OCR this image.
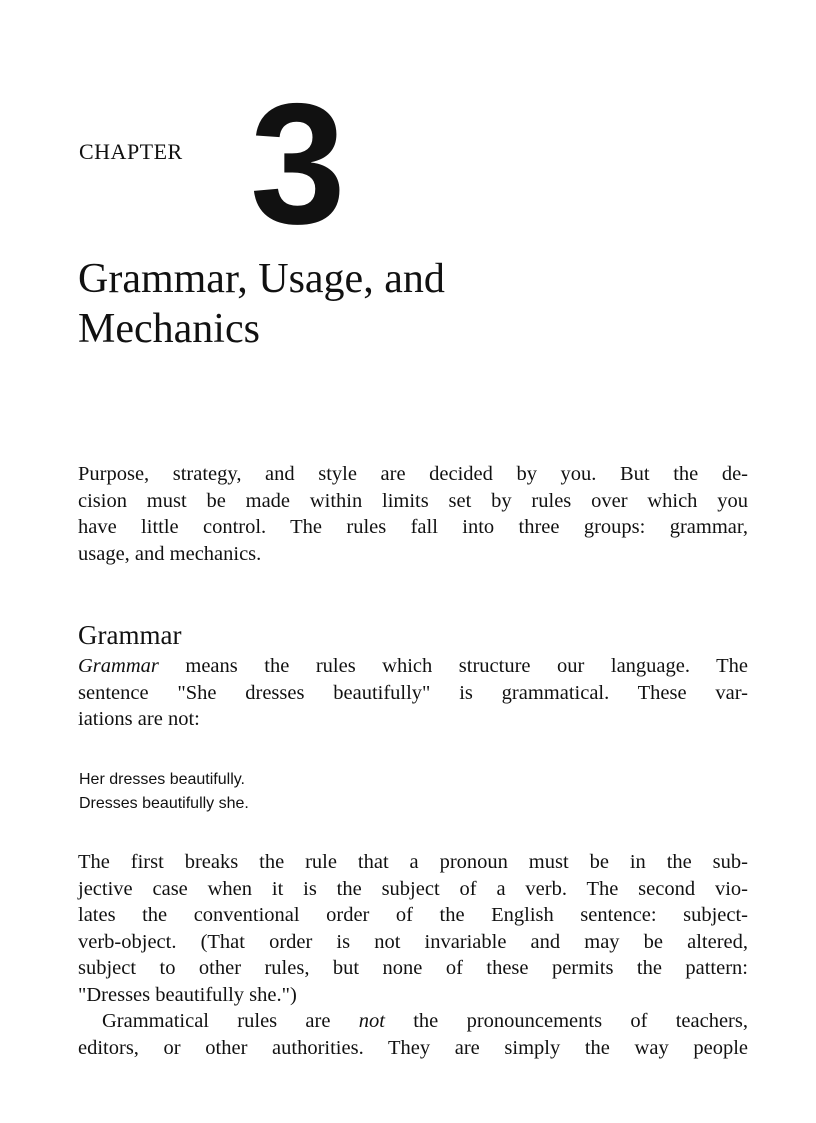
CHAPTER 3
Grammar, Usage, and
Mechanics

Purpose, strategy, and style are decided by you. But the de-
cision must be made within limits set by rules over which you
have little control. The rules fall into three groups: grammar,
usage, and mechanics.

Grammar

Grammar means the rules which structure our language. The
sentence "She dresses beautifully" is grammatical. These var-
iations are not:

Her dresses beautifully.
Dresses beautifully she.

The first breaks the rule that a pronoun must be in the sub-
jective case when it is the subject of a verb. The second vio-
lates the conventional order of the English sentence: subject-
verb-object. (That order is not invariable and may be altered,
subject to other rules, but none of these permits the pattern:
"Dresses beautifully she.")
Grammatical rules are not the pronouncements of teachers,
editors, or other authorities. They are simply the way people
